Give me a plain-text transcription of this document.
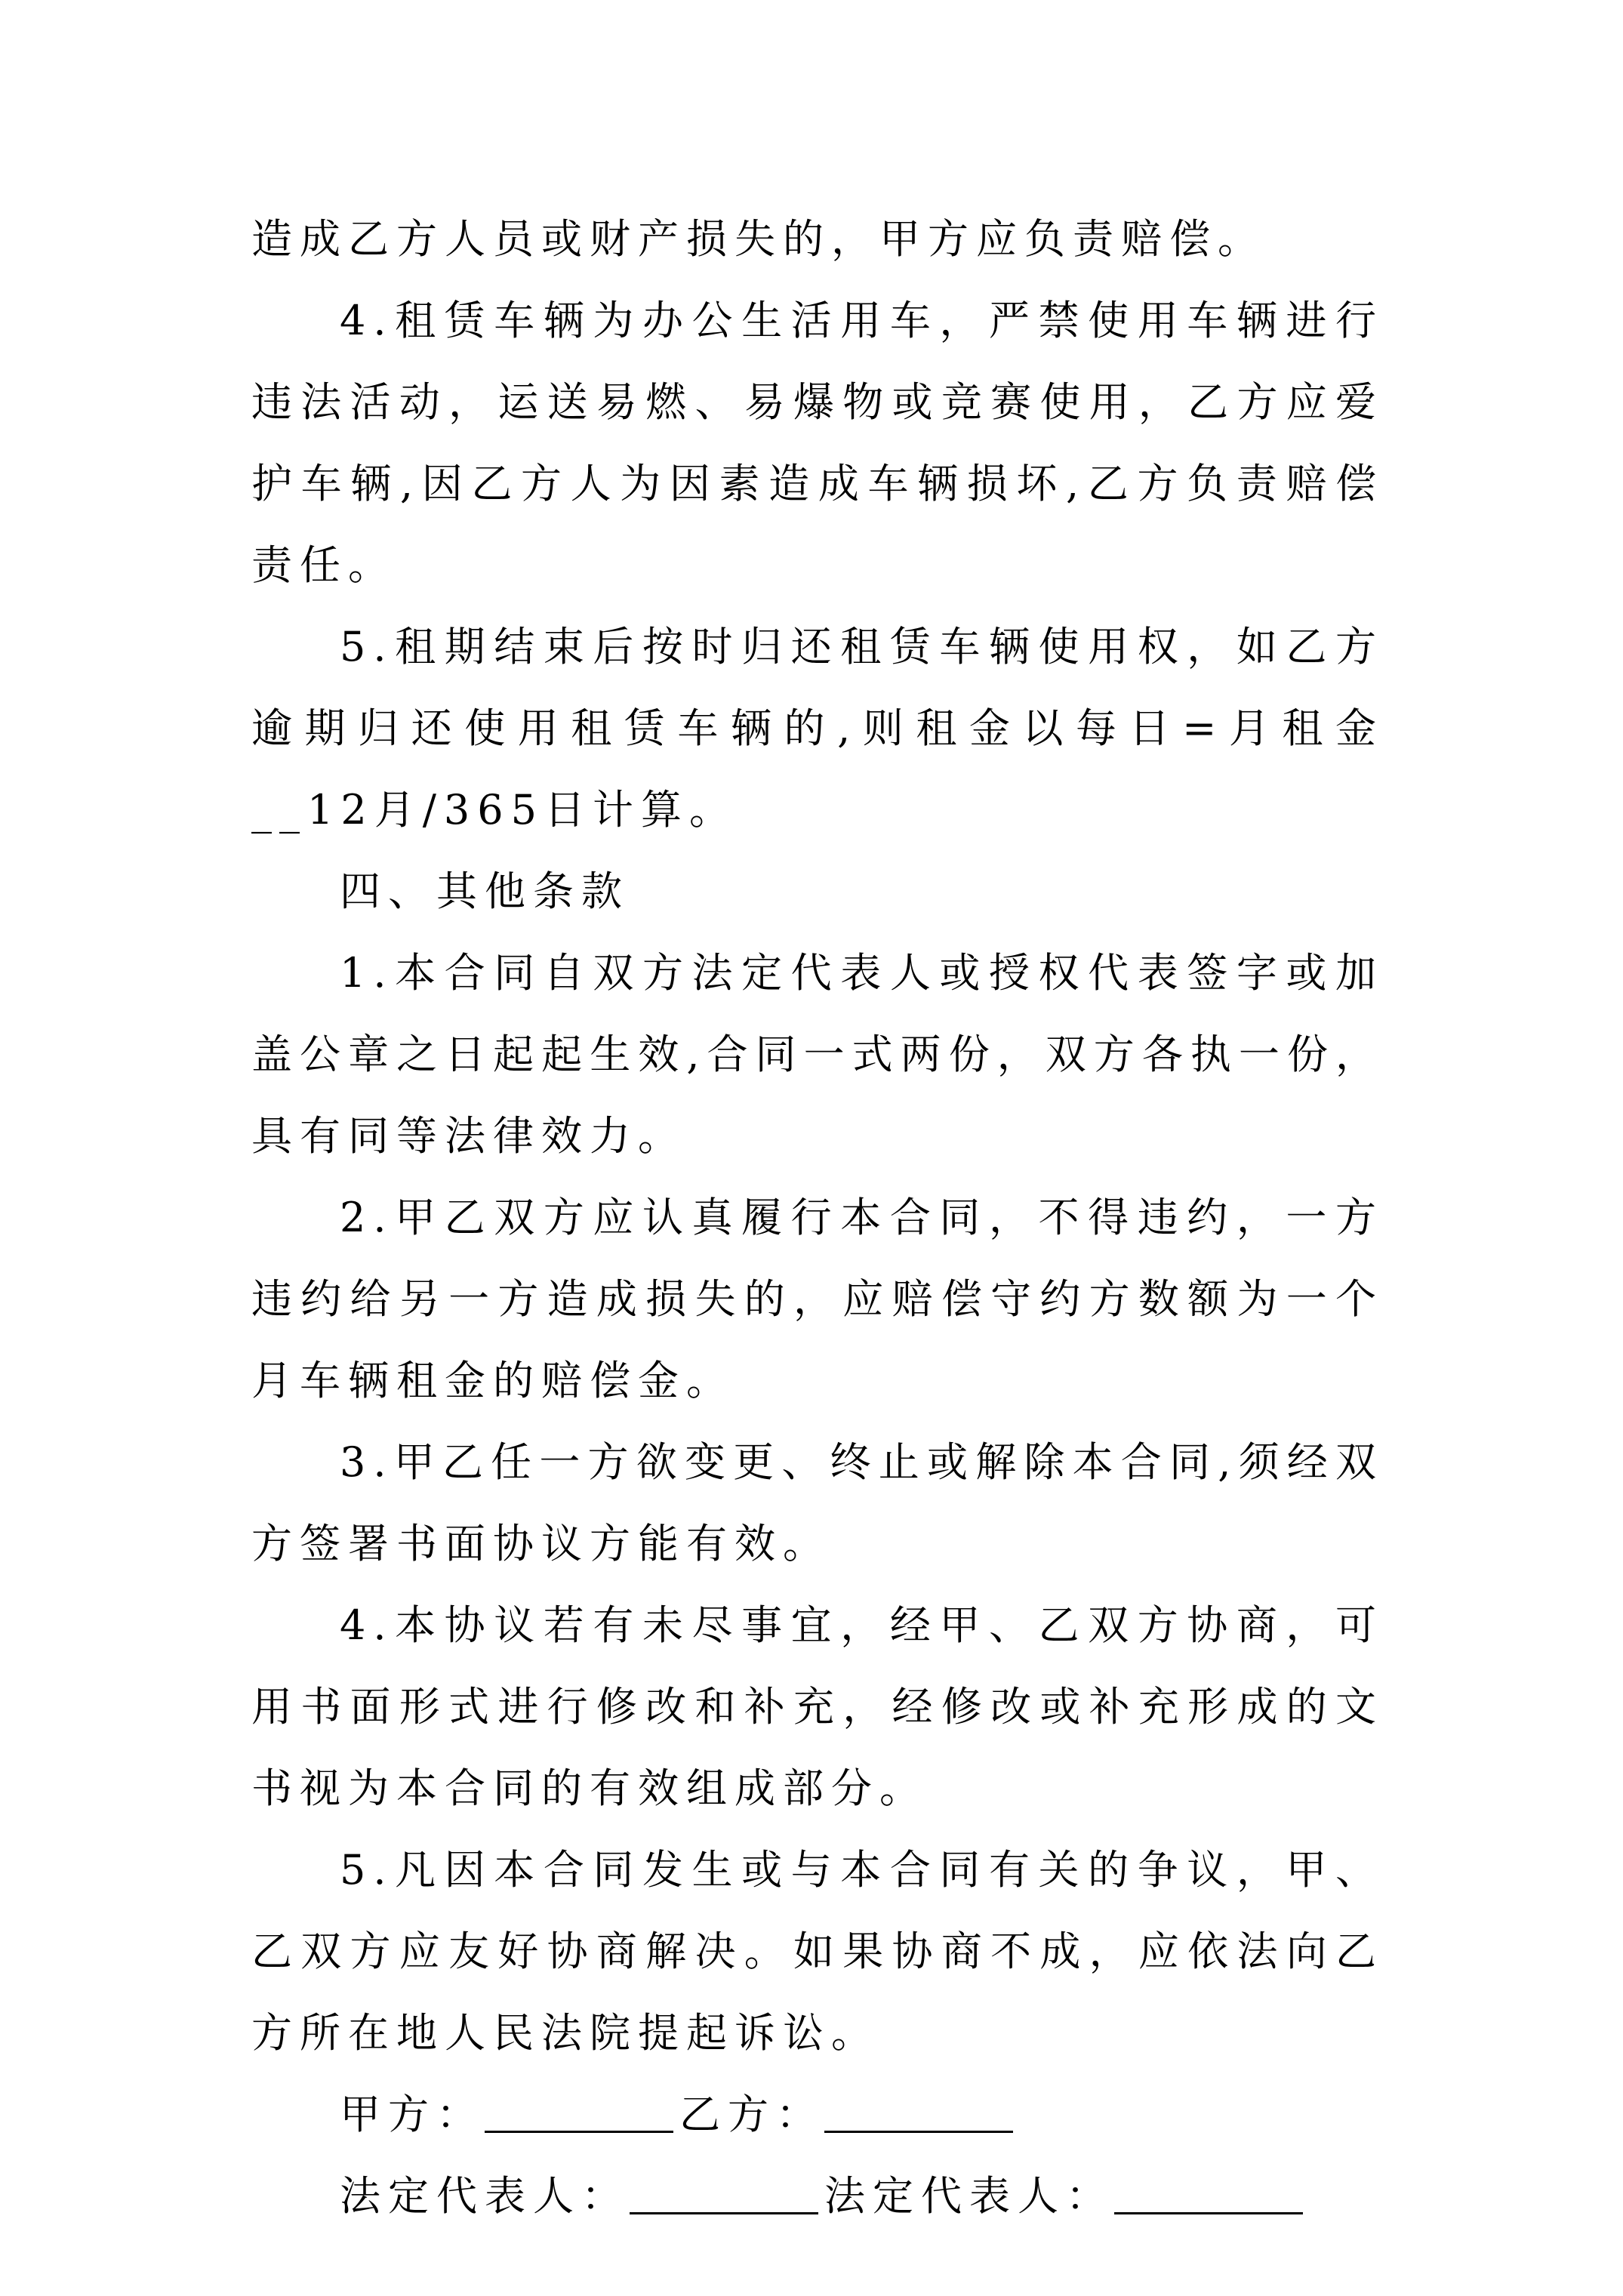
造成乙方人员或财产损失的，甲方应负责赔偿。

4.租赁车辆为办公生活用车，严禁使用车辆进行违法活动，运送易燃、易爆物或竞赛使用，乙方应爱护车辆,因乙方人为因素造成车辆损坏,乙方负责赔偿责任。

5.租期结束后按时归还租赁车辆使用权，如乙方逾期归还使用租赁车辆的,则租金以每日=月租金__12月/365日计算。

四、其他条款

1.本合同自双方法定代表人或授权代表签字或加盖公章之日起起生效,合同一式两份，双方各执一份，具有同等法律效力。

2.甲乙双方应认真履行本合同，不得违约，一方违约给另一方造成损失的，应赔偿守约方数额为一个月车辆租金的赔偿金。

3.甲乙任一方欲变更、终止或解除本合同,须经双方签署书面协议方能有效。

4.本协议若有未尽事宜，经甲、乙双方协商，可用书面形式进行修改和补充，经修改或补充形成的文书视为本合同的有效组成部分。

5.凡因本合同发生或与本合同有关的争议，甲、乙双方应友好协商解决。如果协商不成，应依法向乙方所在地人民法院提起诉讼。

甲方：	乙方：
法定代表人：	法定代表人：
